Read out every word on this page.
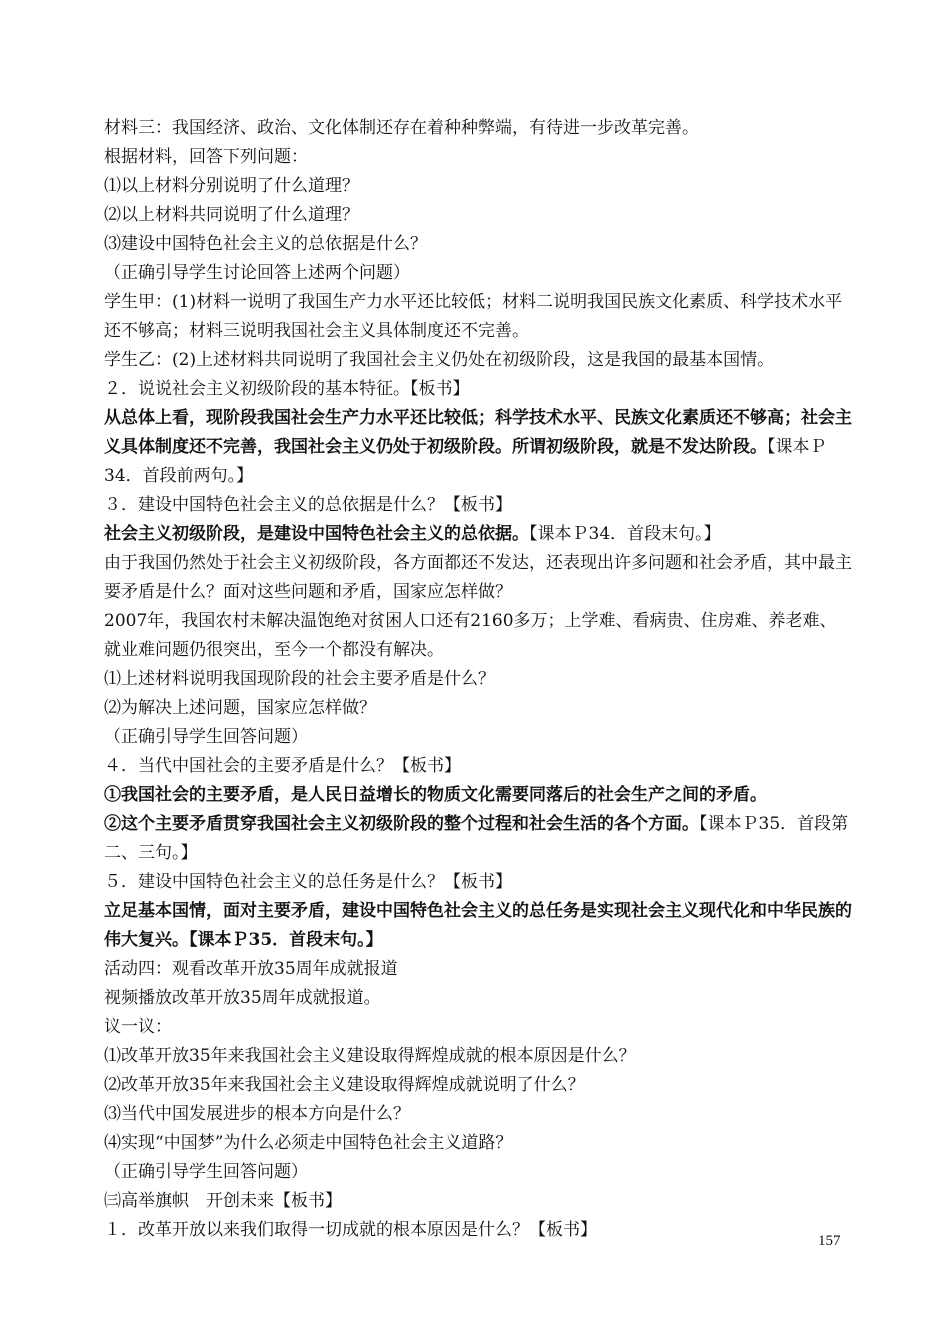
材料三：我国经济、政治、文化体制还存在着种种弊端，有待进一步改革完善。
根据材料，回答下列问题：
⑴以上材料分别说明了什么道理？
⑵以上材料共同说明了什么道理？
⑶建设中国特色社会主义的总依据是什么？
（正确引导学生讨论回答上述两个问题）
学生甲：(1)材料一说明了我国生产力水平还比较低；材料二说明我国民族文化素质、科学技术水平还不够高；材料三说明我国社会主义具体制度还不完善。
学生乙：(2)上述材料共同说明了我国社会主义仍处在初级阶段，这是我国的最基本国情。
２．说说社会主义初级阶段的基本特征。【板书】
从总体上看，现阶段我国社会生产力水平还比较低；科学技术水平、民族文化素质还不够高；社会主义具体制度还不完善，我国社会主义仍处于初级阶段。所谓初级阶段，就是不发达阶段。【课本Ｐ34．首段前两句。】
３．建设中国特色社会主义的总依据是什么？【板书】
社会主义初级阶段，是建设中国特色社会主义的总依据。【课本Ｐ34．首段末句。】
由于我国仍然处于社会主义初级阶段，各方面都还不发达，还表现出许多问题和社会矛盾，其中最主要矛盾是什么？面对这些问题和矛盾，国家应怎样做？
2007年，我国农村未解决温饱绝对贫困人口还有2160多万；上学难、看病贵、住房难、养老难、就业难问题仍很突出，至今一个都没有解决。
⑴上述材料说明我国现阶段的社会主要矛盾是什么？
⑵为解决上述问题，国家应怎样做？
（正确引导学生回答问题）
４．当代中国社会的主要矛盾是什么？【板书】
①我国社会的主要矛盾，是人民日益增长的物质文化需要同落后的社会生产之间的矛盾。
②这个主要矛盾贯穿我国社会主义初级阶段的整个过程和社会生活的各个方面。【课本Ｐ35．首段第二、三句。】
５．建设中国特色社会主义的总任务是什么？【板书】
立足基本国情，面对主要矛盾，建设中国特色社会主义的总任务是实现社会主义现代化和中华民族的伟大复兴。【课本Ｐ35．首段末句。】
活动四：观看改革开放35周年成就报道
视频播放改革开放35周年成就报道。
议一议：
⑴改革开放35年来我国社会主义建设取得辉煌成就的根本原因是什么？
⑵改革开放35年来我国社会主义建设取得辉煌成就说明了什么？
⑶当代中国发展进步的根本方向是什么？
⑷实现“中国梦”为什么必须走中国特色社会主义道路？
（正确引导学生回答问题）
㈢高举旗帜　开创未来【板书】
１．改革开放以来我们取得一切成就的根本原因是什么？【板书】
157
